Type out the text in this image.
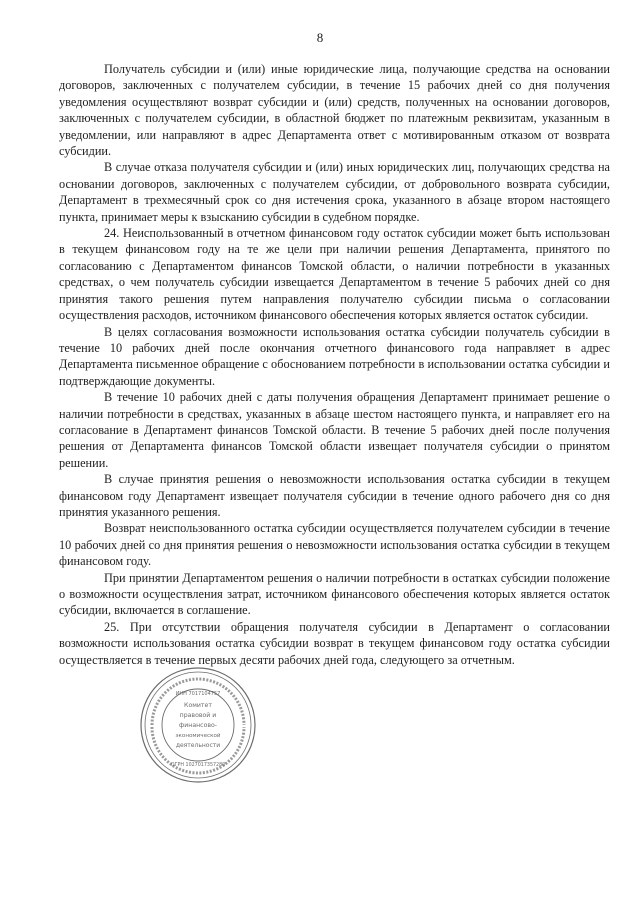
8

Получатель субсидии и (или) иные юридические лица, получающие средства на основании договоров, заключенных с получателем субсидии, в течение 15 рабочих дней со дня получения уведомления осуществляют возврат субсидии и (или) средств, полученных на основании договоров, заключенных с получателем субсидии, в областной бюджет по платежным реквизитам, указанным в уведомлении, или направляют в адрес Департамента ответ с мотивированным отказом от возврата субсидии.

В случае отказа получателя субсидии и (или) иных юридических лиц, получающих средства на основании договоров, заключенных с получателем субсидии, от добровольного возврата субсидии, Департамент в трехмесячный срок со дня истечения срока, указанного в абзаце втором настоящего пункта, принимает меры к взысканию субсидии в судебном порядке.

24. Неиспользованный в отчетном финансовом году остаток субсидии может быть использован в текущем финансовом году на те же цели при наличии решения Департамента, принятого по согласованию с Департаментом финансов Томской области, о наличии потребности в указанных средствах, о чем получатель субсидии извещается Департаментом в течение 5 рабочих дней со дня принятия такого решения путем направления получателю субсидии письма о согласовании осуществления расходов, источником финансового обеспечения которых является остаток субсидии.

В целях согласования возможности использования остатка субсидии получатель субсидии в течение 10 рабочих дней после окончания отчетного финансового года направляет в адрес Департамента письменное обращение с обоснованием потребности в использовании остатка субсидии и подтверждающие документы.

В течение 10 рабочих дней с даты получения обращения Департамент принимает решение о наличии потребности в средствах, указанных в абзаце шестом настоящего пункта, и направляет его на согласование в Департамент финансов Томской области. В течение 5 рабочих дней после получения решения от Департамента финансов Томской области извещает получателя субсидии о принятом решении.

В случае принятия решения о невозможности использования остатка субсидии в текущем финансовом году Департамент извещает получателя субсидии в течение одного рабочего дня со дня принятия указанного решения.

Возврат неиспользованного остатка субсидии осуществляется получателем субсидии в течение 10 рабочих дней со дня принятия решения о невозможности использования остатка субсидии в текущем финансовом году.

При принятии Департаментом решения о наличии потребности в остатках субсидии положение о возможности осуществления затрат, источником финансового обеспечения которых является остаток субсидии, включается в соглашение.

25. При отсутствии обращения получателя субсидии в Департамент о согласовании возможности использования остатка субсидии возврат в текущем финансовом году остатка субсидии осуществляется в течение первых десяти рабочих дней года, следующего за отчетным.

ИНН 7017104757
Комитет
правовой и
финансово-
экономической
деятельности
ОГРН 1027017357280
